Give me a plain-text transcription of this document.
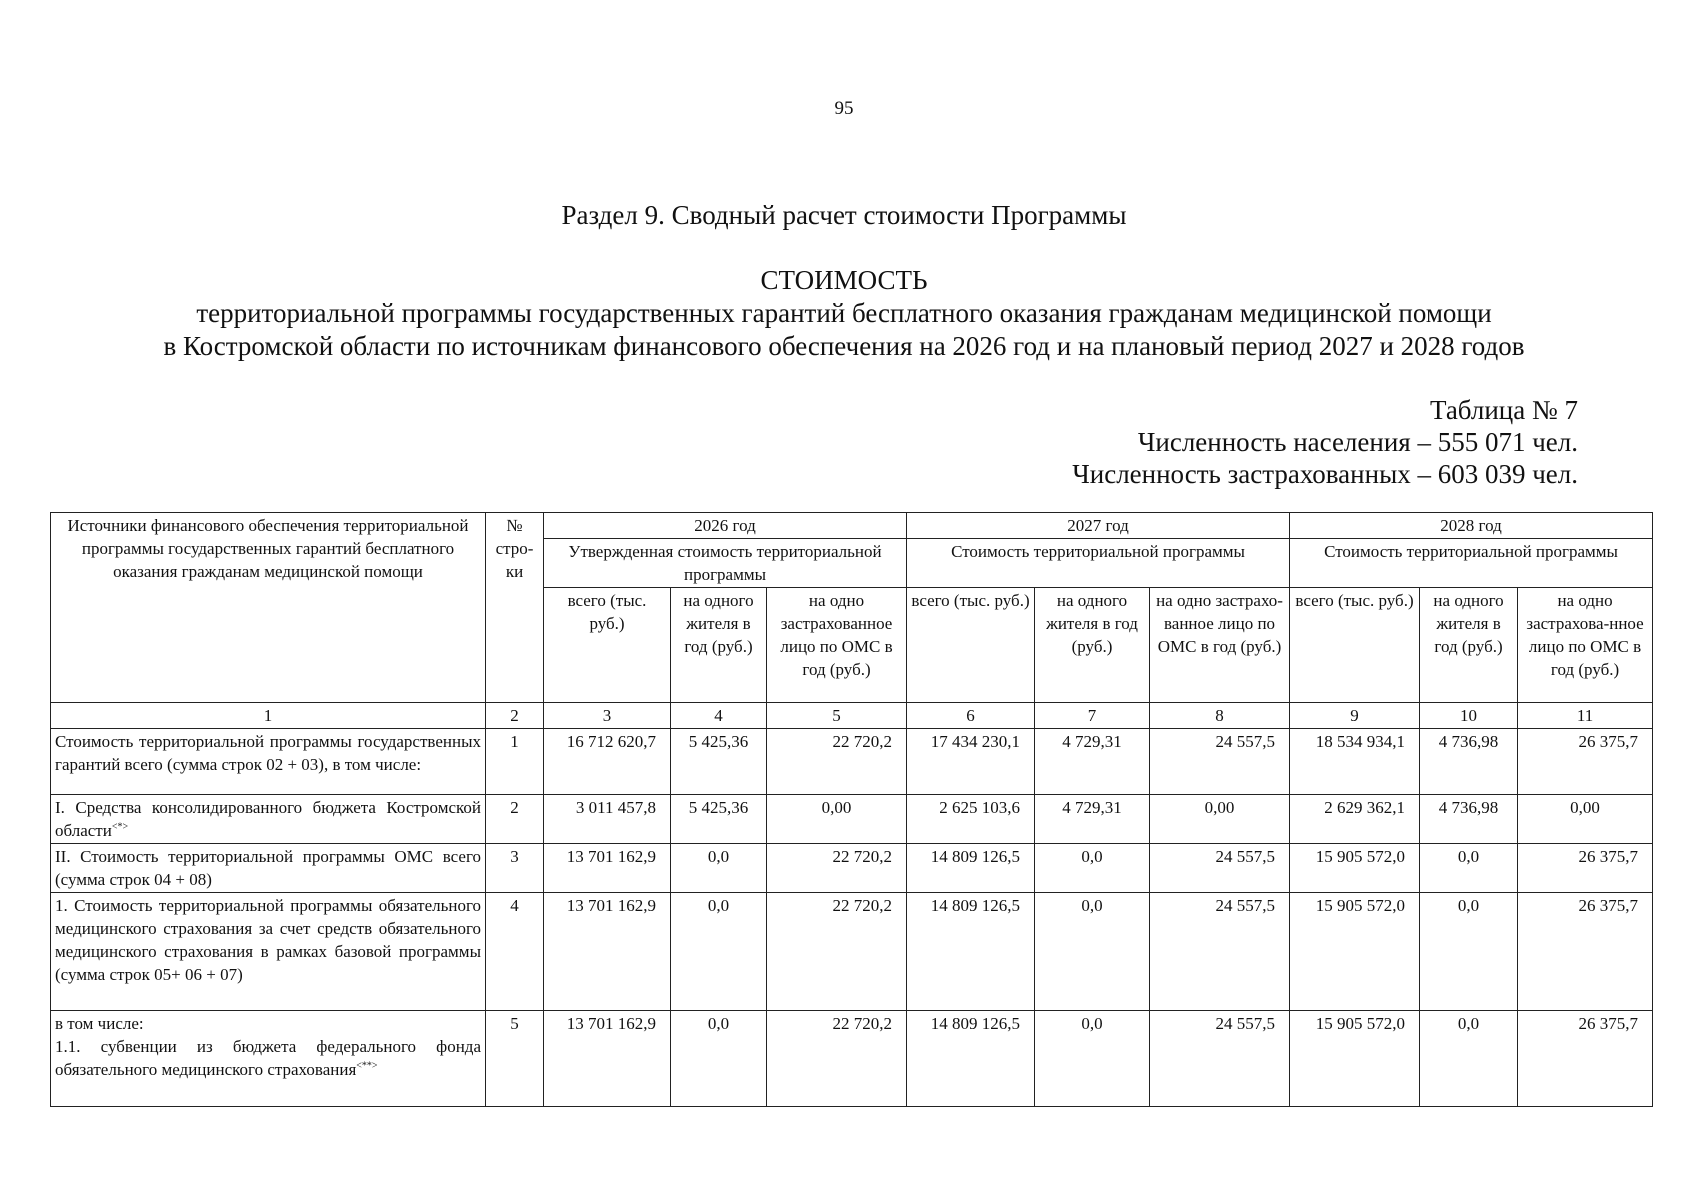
95
Раздел 9. Сводный расчет стоимости Программы
СТОИМОСТЬ
территориальной программы государственных гарантий бесплатного оказания гражданам медицинской помощи
в Костромской области по источникам финансового обеспечения на 2026 год и на плановый период 2027 и 2028 годов
Таблица № 7
Численность населения – 555 071 чел.
Численность застрахованных – 603 039 чел.
Источники финансового обеспечения территориальной программы государственных гарантий бесплатного оказания гражданам медицинской помощи	№ стро-ки	2026 год			2027 год			2028 год		
		Утвержденная стоимость территориальной программы			Стоимость территориальной программы			Стоимость территориальной программы		
		всего (тыс. руб.)	на одного жителя в год (руб.)	на одно застрахованное лицо по ОМС в год (руб.)	всего (тыс. руб.)	на одного жителя в год (руб.)	на одно застрахо-ванное лицо по ОМС в год (руб.)	всего (тыс. руб.)	на одного жителя в год (руб.)	на одно застрахова-нное лицо по ОМС в год (руб.)
1	2	3	4	5	6	7	8	9	10	11
Стоимость территориальной программы государственных гарантий всего (сумма строк 02 + 03), в том числе:	1	16 712 620,7	5 425,36	22 720,2	17 434 230,1	4 729,31	24 557,5	18 534 934,1	4 736,98	26 375,7
I. Средства консолидированного бюджета Костромской области<*>	2	3 011 457,8	5 425,36	0,00	2 625 103,6	4 729,31	0,00	2 629 362,1	4 736,98	0,00
II. Стоимость территориальной программы ОМС всего (сумма строк 04 + 08)	3	13 701 162,9	0,0	22 720,2	14 809 126,5	0,0	24 557,5	15 905 572,0	0,0	26 375,7
1. Стоимость территориальной программы обязательного медицинского страхования за счет средств обязательного медицинского страхования в рамках базовой программы (сумма строк 05+ 06 + 07)	4	13 701 162,9	0,0	22 720,2	14 809 126,5	0,0	24 557,5	15 905 572,0	0,0	26 375,7

в том числе:
1.1. субвенции из бюджета федерального фонда обязательного медицинского страхования<**>	5	13 701 162,9	0,0	22 720,2	14 809 126,5	0,0	24 557,5	15 905 572,0	0,0	26 375,7
